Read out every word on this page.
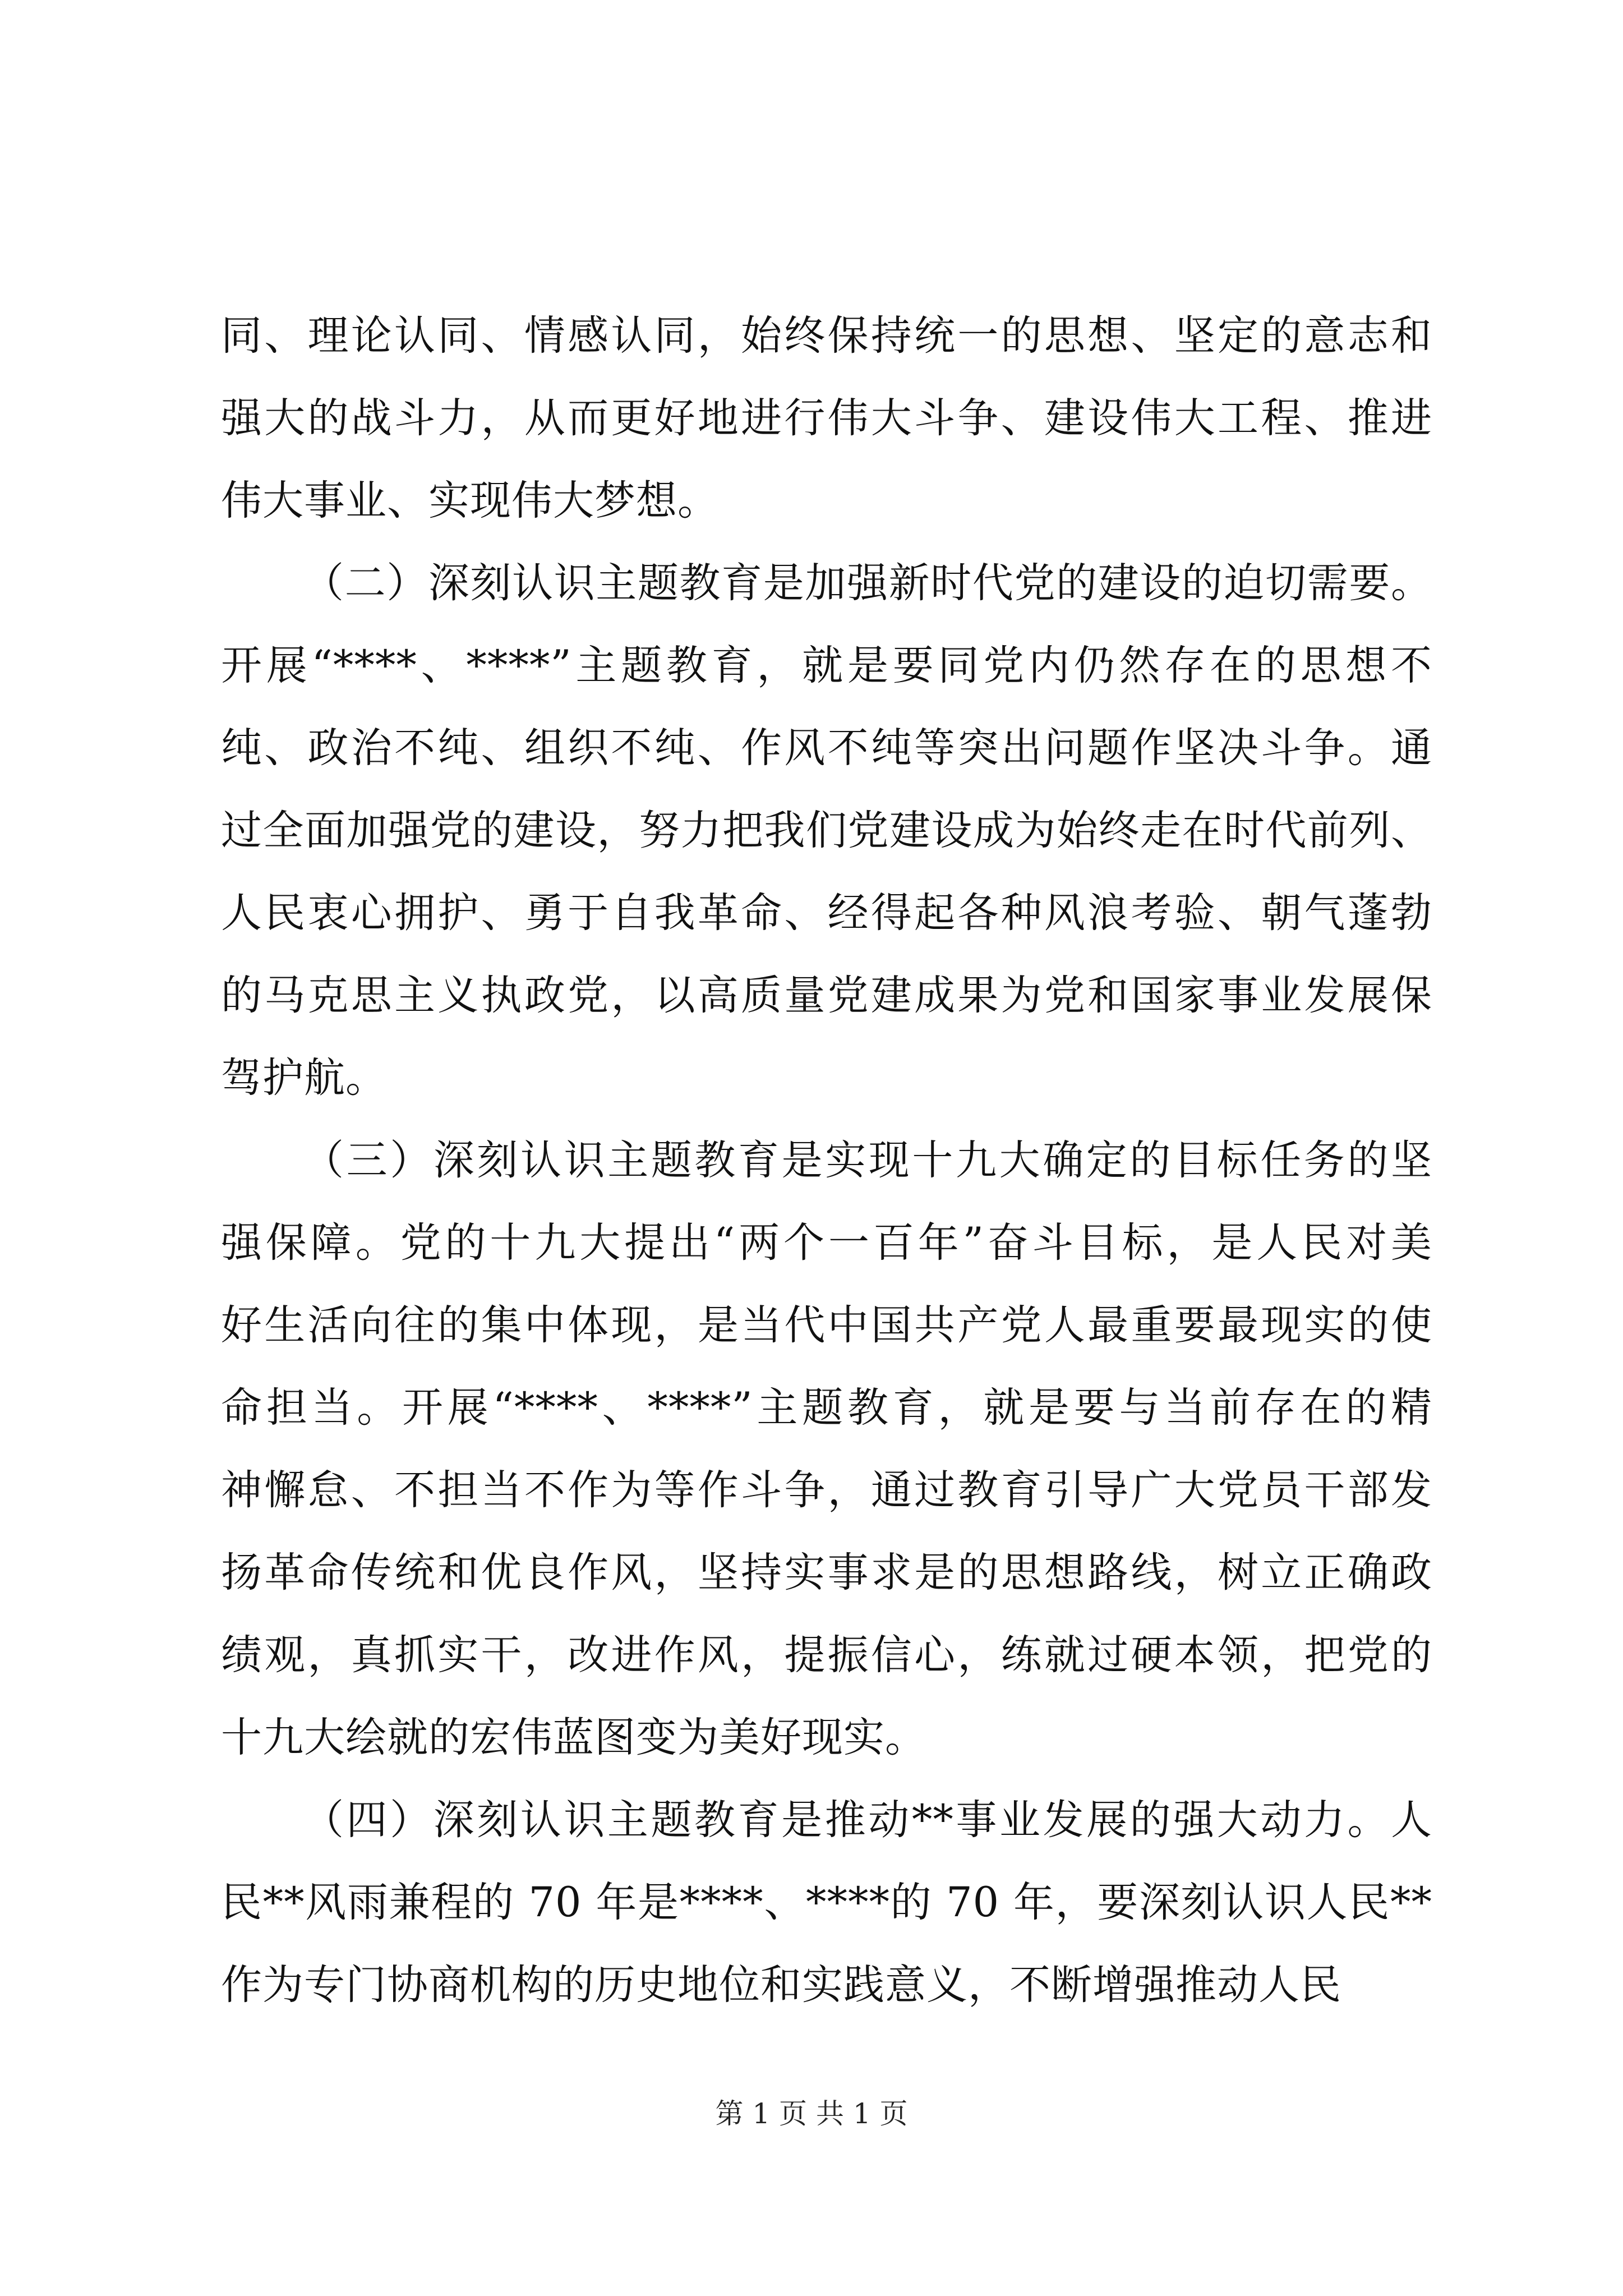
同、理论认同、情感认同，始终保持统一的思想、坚定的意志和
强大的战斗力，从而更好地进行伟大斗争、建设伟大工程、推进
伟大事业、实现伟大梦想。
（二）深刻认识主题教育是加强新时代党的建设的迫切需要。
开展“****、****”主题教育，就是要同党内仍然存在的思想不
纯、政治不纯、组织不纯、作风不纯等突出问题作坚决斗争。通
过全面加强党的建设，努力把我们党建设成为始终走在时代前列、
人民衷心拥护、勇于自我革命、经得起各种风浪考验、朝气蓬勃
的马克思主义执政党，以高质量党建成果为党和国家事业发展保
驾护航。
（三）深刻认识主题教育是实现十九大确定的目标任务的坚
强保障。党的十九大提出“两个一百年”奋斗目标，是人民对美
好生活向往的集中体现，是当代中国共产党人最重要最现实的使
命担当。开展“****、****”主题教育，就是要与当前存在的精
神懈怠、不担当不作为等作斗争，通过教育引导广大党员干部发
扬革命传统和优良作风，坚持实事求是的思想路线，树立正确政
绩观，真抓实干，改进作风，提振信心，练就过硬本领，把党的
十九大绘就的宏伟蓝图变为美好现实。
（四）深刻认识主题教育是推动**事业发展的强大动力。人
民**风雨兼程的 70 年是****、****的 70 年，要深刻认识人民**
作为专门协商机构的历史地位和实践意义，不断增强推动人民
第 1 页 共 1 页
